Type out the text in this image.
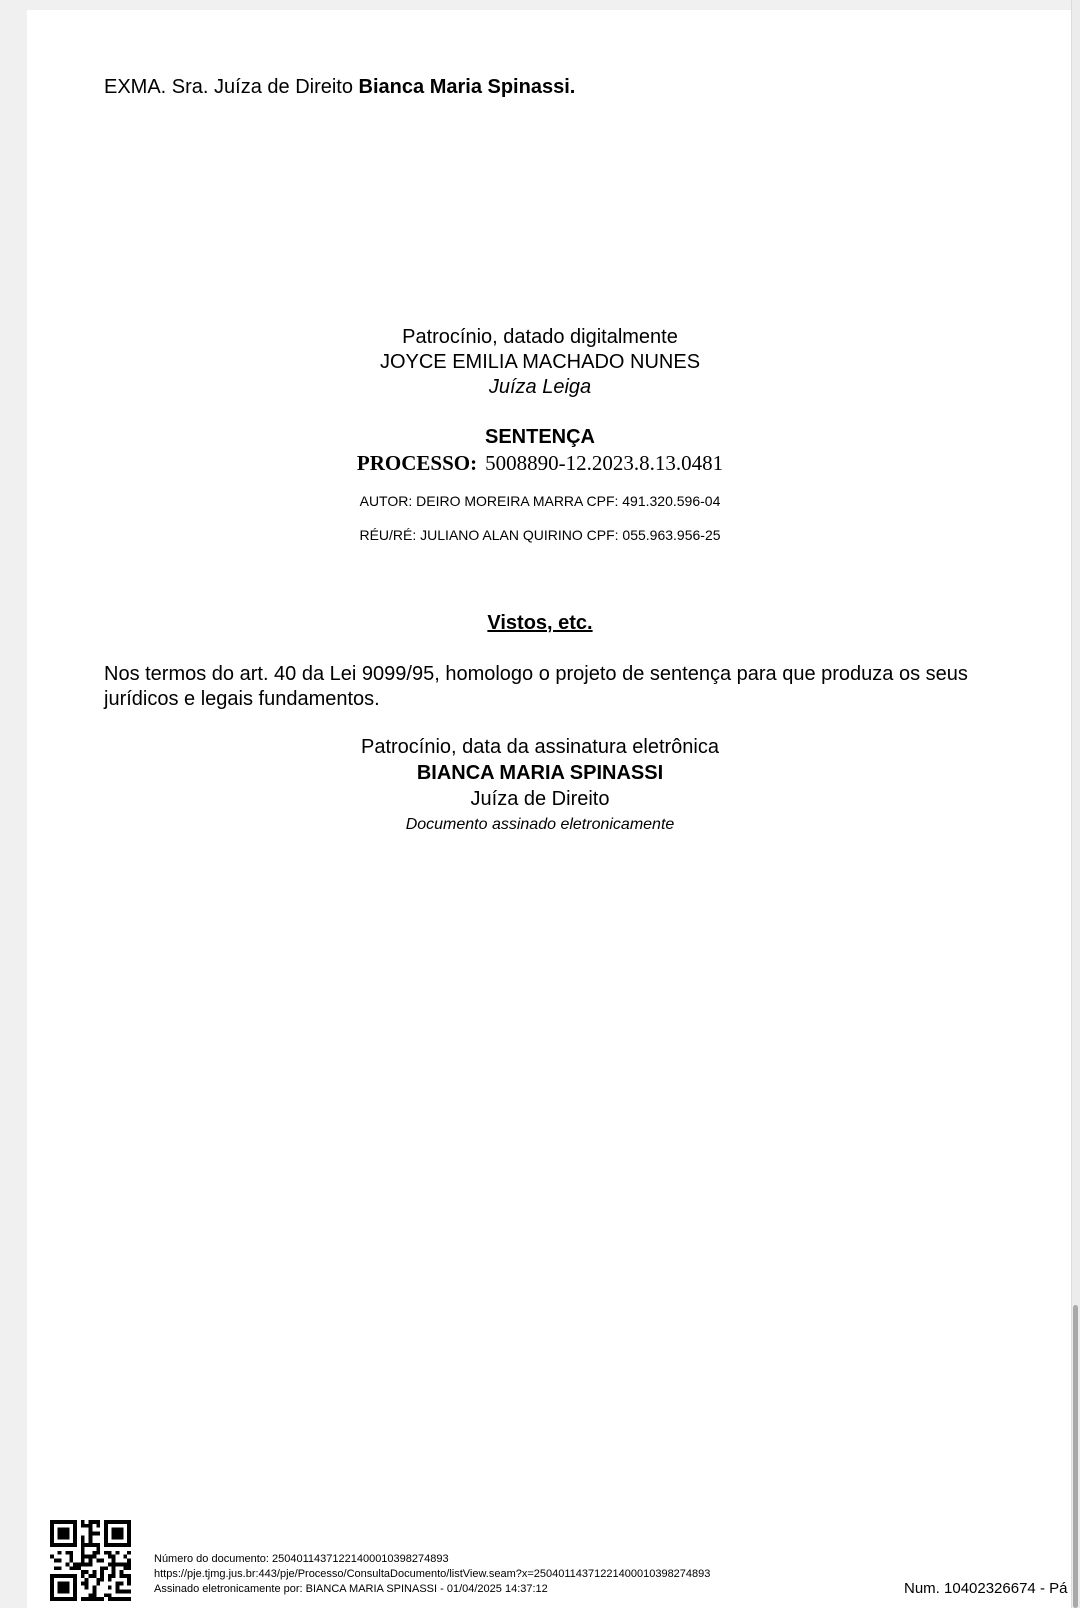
EXMA. Sra. Juíza de Direito Bianca Maria Spinassi.
Patrocínio, datado digitalmente
JOYCE EMILIA MACHADO NUNES
Juíza Leiga
SENTENÇA
PROCESSO: 5008890-12.2023.8.13.0481
AUTOR: DEIRO MOREIRA MARRA CPF: 491.320.596-04
RÉU/RÉ: JULIANO ALAN QUIRINO CPF: 055.963.956-25
Vistos, etc.
Nos termos do art. 40 da Lei 9099/95, homologo o projeto de sentença para que produza os seus jurídicos e legais fundamentos.
Patrocínio, data da assinatura eletrônica
BIANCA MARIA SPINASSI
Juíza de Direito
Documento assinado eletronicamente
Número do documento: 25040114371221400010398274893
https://pje.tjmg.jus.br:443/pje/Processo/ConsultaDocumento/listView.seam?x=25040114371221400010398274893
Assinado eletronicamente por: BIANCA MARIA SPINASSI - 01/04/2025 14:37:12	Num. 10402326674 - Pá
